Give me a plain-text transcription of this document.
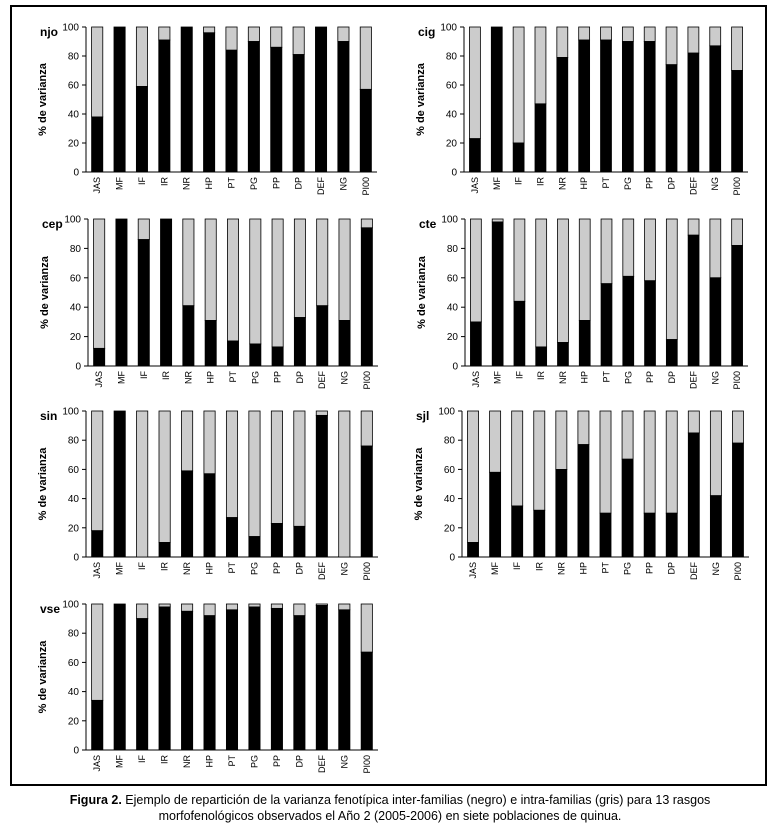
0
20
40
60
80
100
% de varianza
njo
JAS MF IF IR NR HP PT PG PP DP DEF NG PI00
0
20
40
60
80
100
% de varianza
cig
JAS MF IF IR NR HP PT PG PP DP DEF NG PI00
0
20
40
60
80
100
% de varianza
cep
JAS MF IF IR NR HP PT PG PP DP DEF NG PI00
0
20
40
60
80
100
% de varianza
cte
JAS MF IF IR NR HP PT PG PP DP DEF NG PI00
0
20
40
60
80
100
% de varianza
sin
JAS MF IF IR NR HP PT PG PP DP DEF NG PI00
0
20
40
60
80
100
% de varianza
sjl
JAS MF IF IR NR HP PT PG PP DP DEF NG PI00
0
20
40
60
80
100
% de varianza
vse
JAS MF IF IR NR HP PT PG PP DP DEF NG PI00
Figura 2. Ejemplo de repartición de la varianza fenotípica inter-familias (negro) e intra-familias (gris) para 13 rasgos
morfofenológicos observados el Año 2 (2005-2006) en siete poblaciones de quinua.
